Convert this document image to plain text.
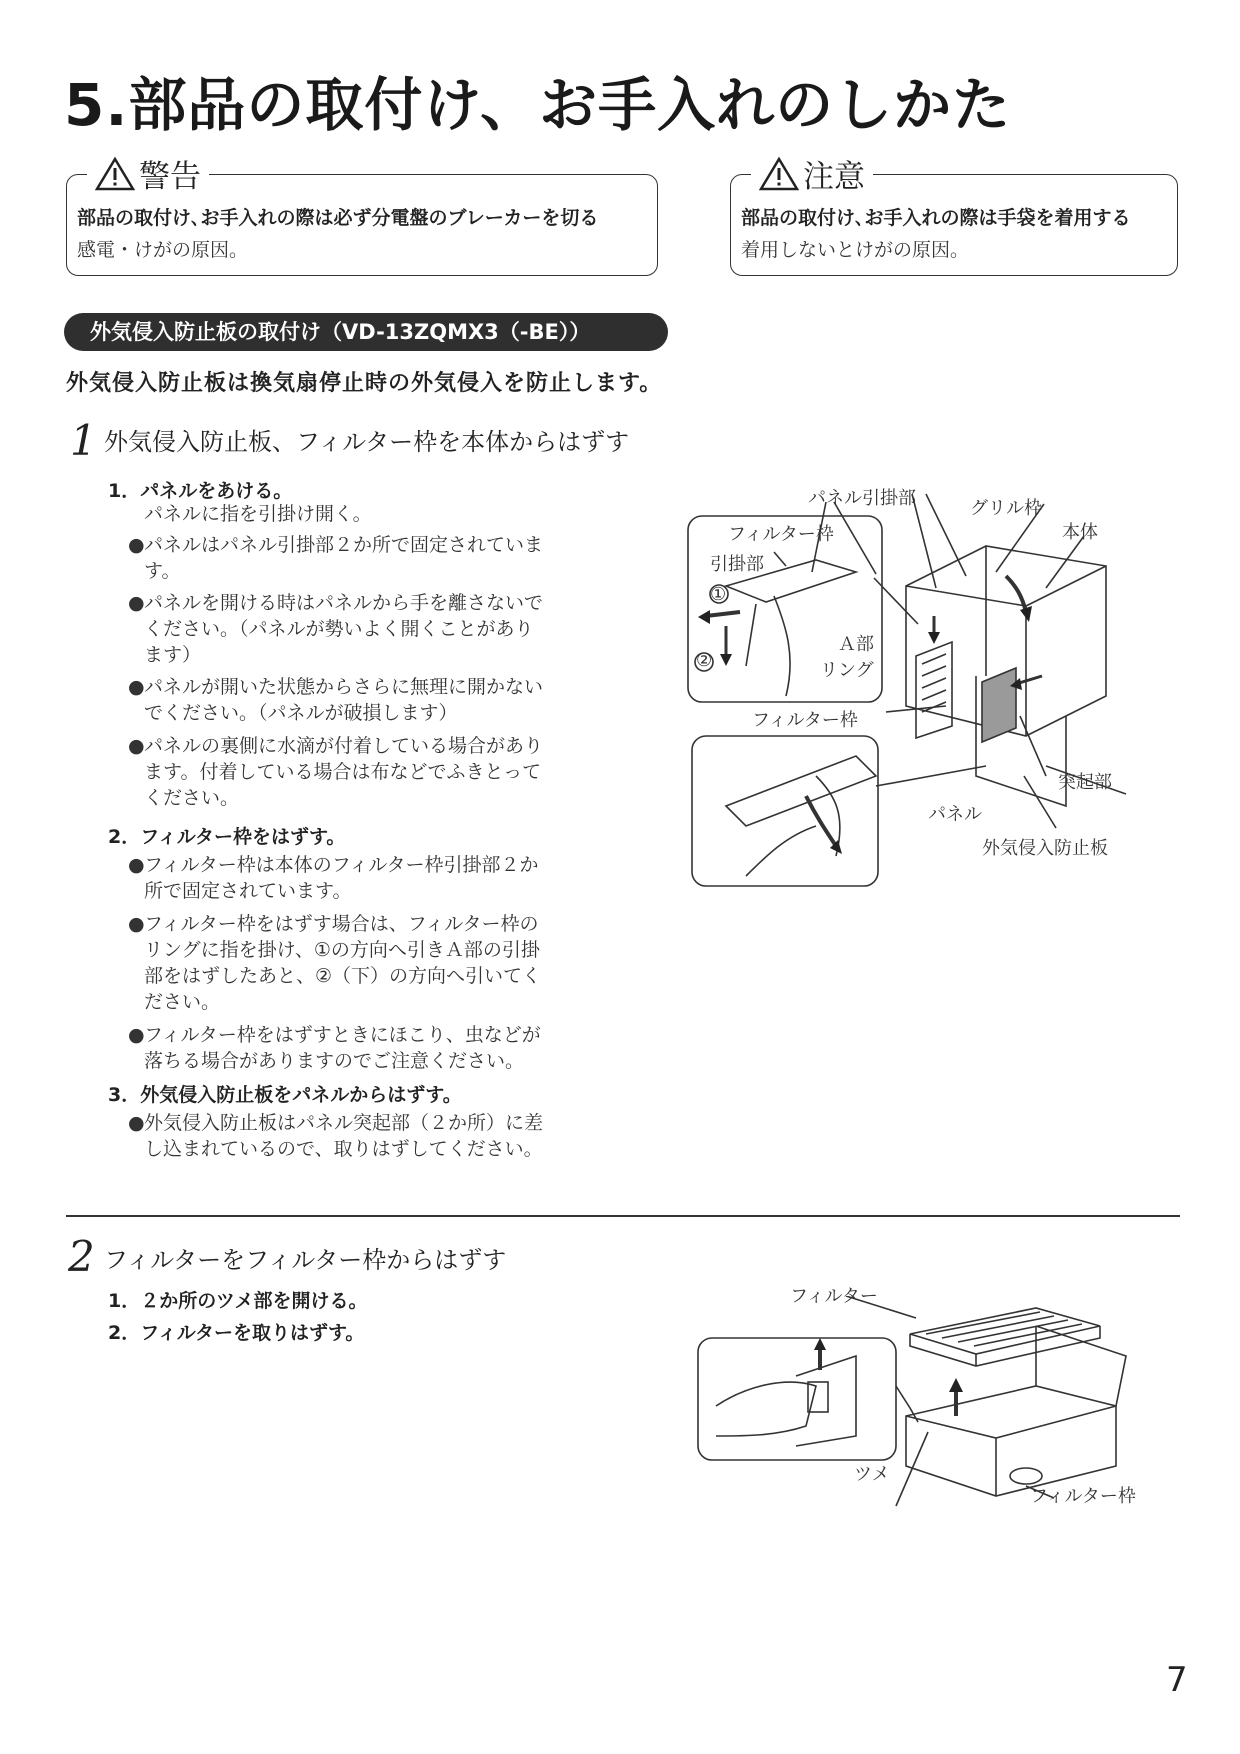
5.部品の取付け、お手入れのしかた
警告
部品の取付け､お手入れの際は必ず分電盤のブレーカーを切る
感電・けがの原因。
注意
部品の取付け､お手入れの際は手袋を着用する
着用しないとけがの原因。
外気侵入防止板の取付け（VD-13ZQMX3（-BE））
外気侵入防止板は換気扇停止時の外気侵入を防止します。
1 外気侵入防止板、フィルター枠を本体からはずす
1．パネルをあける。
パネルに指を引掛け開く。
● パネルはパネル引掛部２か所で固定されていま
す。
● パネルを開ける時はパネルから手を離さないで
ください。（パネルが勢いよく開くことがあり
ます）
● パネルが開いた状態からさらに無理に開かない
でください。（パネルが破損します）
● パネルの裏側に水滴が付着している場合があり
ます。付着している場合は布などでふきとって
ください。
2．フィルター枠をはずす。
● フィルター枠は本体のフィルター枠引掛部２か
所で固定されています。
● フィルター枠をはずす場合は、フィルター枠の
リングに指を掛け、①の方向へ引きＡ部の引掛
部をはずしたあと、②（下）の方向へ引いてく
ださい。
● フィルター枠をはずすときにほこり、虫などが
落ちる場合がありますのでご注意ください。
3．外気侵入防止板をパネルからはずす。
● 外気侵入防止板はパネル突起部（２か所）に差
し込まれているので、取りはずしてください。
パネル引掛部	グリル枠
本体
フィルター枠
引掛部
①
②
Ａ部
リング
フィルター枠
突起部
パネル
外気侵入防止板
2 フィルターをフィルター枠からはずす
1．２か所のツメ部を開ける。
2．フィルターを取りはずす。
フィルター
ツメ
フィルター枠
7
